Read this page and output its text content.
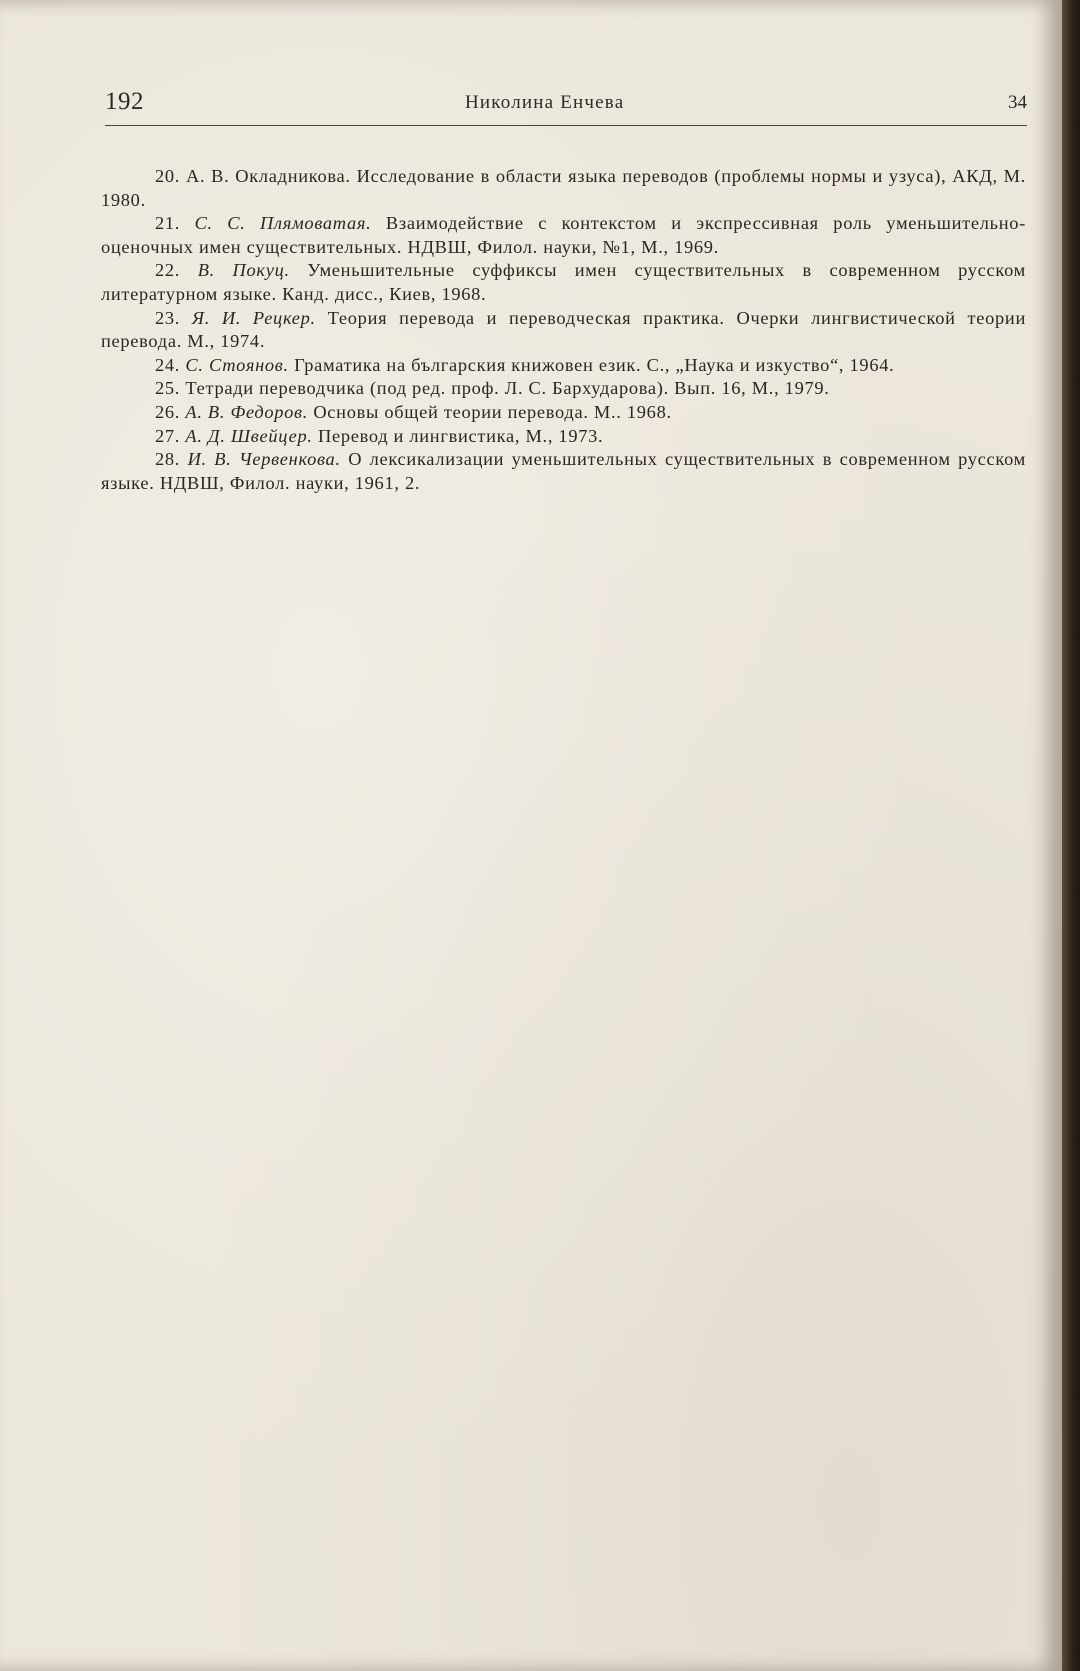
192	Николина Енчева	34

20. А. В. Окладникова. Исследование в области языка переводов (проблемы нормы и узуса), АКД, М. 1980.

21. С. С. Плямоватая. Взаимодействие с контекстом и экспрессивная роль уменьшительно-оценочных имен существительных. НДВШ, Филол. науки, №1, М., 1969.

22. В. Покуц. Уменьшительные суффиксы имен существительных в современном русском литературном языке. Канд. дисс., Киев, 1968.

23. Я. И. Рецкер. Теория перевода и переводческая практика. Очерки лингвистической теории перевода. М., 1974.

24. С. Стоянов. Граматика на българския книжовен език. С., „Наука и изкуство“, 1964.

25. Тетради переводчика (под ред. проф. Л. С. Бархударова). Вып. 16, М., 1979.

26. А. В. Федоров. Основы общей теории перевода. М.. 1968.

27. А. Д. Швейцер. Перевод и лингвистика, М., 1973.

28. И. В. Червенкова. О лексикализации уменьшительных существительных в современном русском языке. НДВШ, Филол. науки, 1961, 2.
